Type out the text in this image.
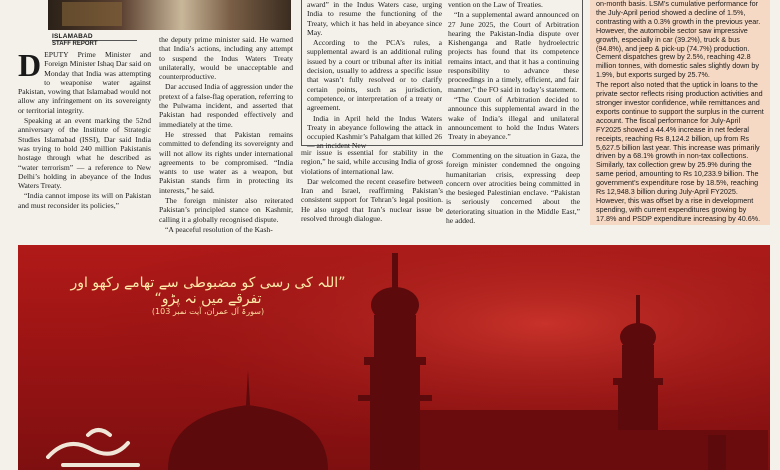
ISLAMABAD
STAFF REPORT

DEPUTY Prime Minister and Foreign Minister Ishaq Dar said on Monday that India was attempting to weaponise water against Pakistan, vowing that Islamabad would not allow any infringement on its sovereignty or territorial integrity.

Speaking at an event marking the 52nd anniversary of the Institute of Strategic Studies Islamabad (ISSI), Dar said India was trying to hold 240 million Pakistanis hostage through what he described as “water terrorism” — a reference to New Delhi’s holding in abeyance of the Indus Waters Treaty.

“India cannot impose its will on Pakistan and must reconsider its policies,”

the deputy prime minister said. He warned that India’s actions, including any attempt to suspend the Indus Waters Treaty unilaterally, would be unacceptable and counterproductive.

Dar accused India of aggression under the pretext of a false-flag operation, referring to the Pulwama incident, and asserted that Pakistan had responded effectively and immediately at the time.

He stressed that Pakistan remains committed to defending its sovereignty and will not allow its rights under international agreements to be compromised. “India wants to use water as a weapon, but Pakistan stands firm in protecting its interests,” he said.

The foreign minister also reiterated Pakistan’s principled stance on Kashmir, calling it a globally recognised dispute.

“A peaceful resolution of the Kash-

award” in the Indus Waters case, urging India to resume the functioning of the Treaty, which it has held in abeyance since May.

According to the PCA’s rules, a supplemental award is an additional ruling issued by a court or tribunal after its initial decision, usually to address a specific issue that wasn’t fully resolved or to clarify certain points, such as jurisdiction, competence, or interpretation of a treaty or agreement.

India in April held the Indus Waters Treaty in abeyance following the attack in occupied Kashmir’s Pahalgam that killed 26 — an incident New

mir issue is essential for stability in the region,” he said, while accusing India of gross violations of international law.

Dar welcomed the recent ceasefire between Iran and Israel, reaffirming Pakistan’s consistent support for Tehran’s legal position. He also urged that Iran’s nuclear issue be resolved through dialogue.

vention on the Law of Treaties.

“In a supplemental award announced on 27 June 2025, the Court of Arbitration hearing the Pakistan-India dispute over Kishenganga and Ratle hydroelectric projects has found that its competence remains intact, and that it has a continuing responsibility to advance these proceedings in a timely, efficient, and fair manner,” the FO said in today’s statement.

“The Court of Arbitration decided to announce this supplemental award in the wake of India’s illegal and unilateral announcement to hold the Indus Waters Treaty in abeyance.”

Commenting on the situation in Gaza, the foreign minister condemned the ongoing humanitarian crisis, expressing deep concern over atrocities being committed in the besieged Palestinian enclave. “Pakistan is seriously concerned about the deteriorating situation in the Middle East,” he added.

on-month basis. LSM’s cumulative performance for the July-April period showed a decline of 1.5%, contrasting with a 0.3% growth in the previous year. However, the automobile sector saw impressive growth, especially in car (39.2%), truck & bus (94.8%), and jeep & pick-up (74.7%) production. Cement dispatches grew by 2.5%, reaching 42.8 million tonnes, with domestic sales slightly down by 1.9%, but exports surged by 25.7%.

The report also noted that the uptick in loans to the private sector reflects rising production activities and stronger investor confidence, while remittances and exports continue to support the surplus in the current account. The fiscal performance for July-April FY2025 showed a 44.4% increase in net federal receipts, reaching Rs 8,124.2 billion, up from Rs 5,627.5 billion last year. This increase was primarily driven by a 68.1% growth in non-tax collections. Similarly, tax collection grew by 25.9% during the same period, amounting to Rs 10,233.9 billion. The government’s expenditure rose by 18.5%, reaching Rs 12,948.3 billion during July-April FY2025. However, this was offset by a rise in development spending, with current expenditures growing by 17.8% and PSDP expenditure increasing by 40.6%.

”اللہ کی رسی کو مضبوطی سے تھامے رکھو اور تفرقے میں نہ پڑو“
(سورۃ آل عمران، آیت نمبر 103)
